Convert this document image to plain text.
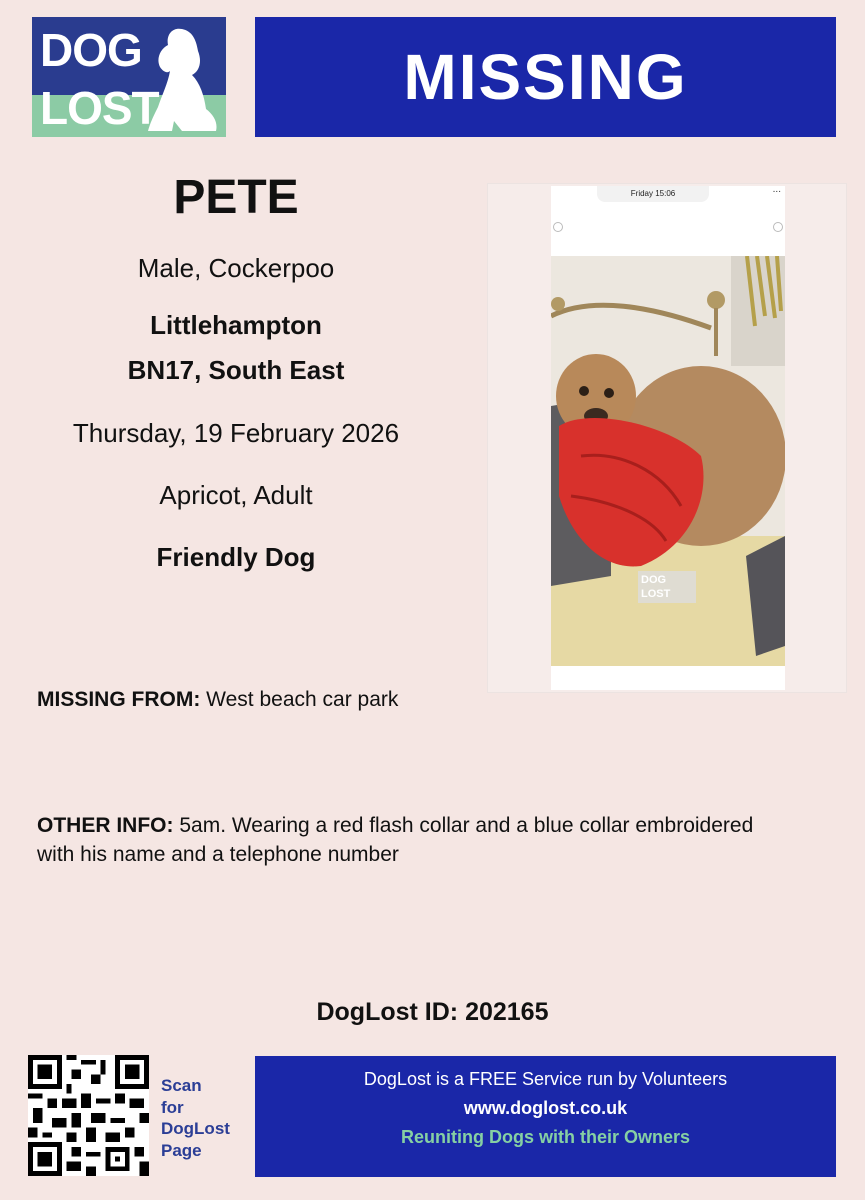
DOG
LOST	MISSING
PETE
Male, Cockerpoo
Littlehampton
BN17, South East
Thursday, 19 February 2026
Apricot, Adult
Friendly Dog
Friday 15:06	...
DOG
LOST
MISSING FROM: West beach car park
OTHER INFO: 5am. Wearing a red flash collar and a blue collar embroidered with his name and a telephone number
DogLost ID: 202165
Scan
for
DogLost
Page
DogLost is a FREE Service run by Volunteers
www.doglost.co.uk
Reuniting Dogs with their Owners
